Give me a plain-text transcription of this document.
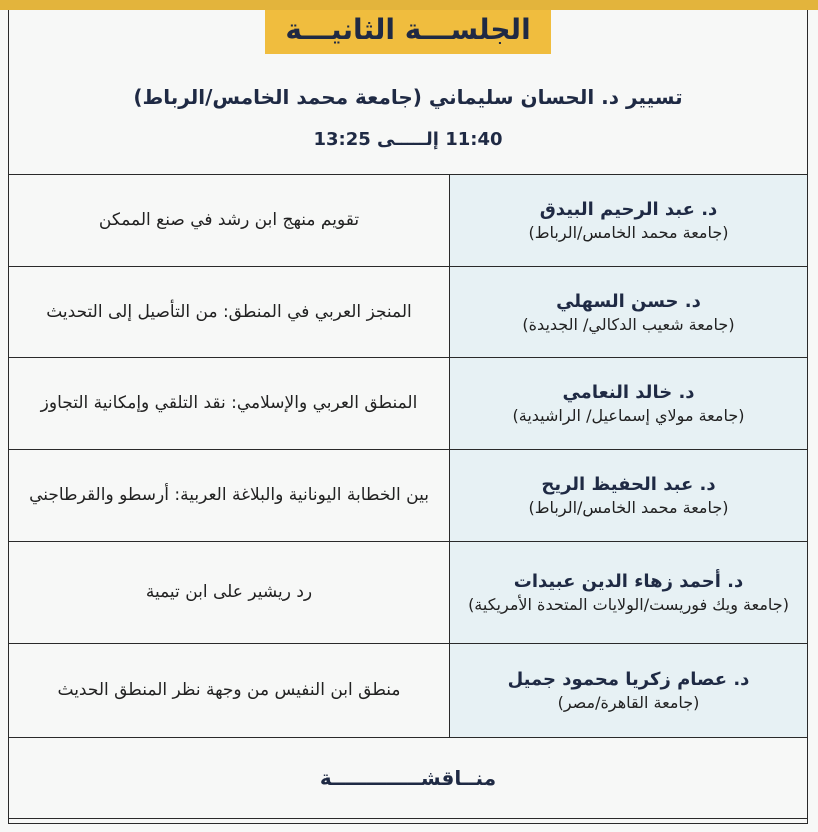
الجلســـة الثانيـــة
تسيير د. الحسان سليماني (جامعة محمد الخامس/الرباط)
11:40 إلـــــى 13:25
د. عبد الرحيم البيدق
(جامعة محمد الخامس/الرباط)	تقويم منهج ابن رشد في صنع الممكن

د. حسن السهلي
(جامعة شعيب الدكالي/ الجديدة)	المنجز العربي في المنطق: من التأصيل إلى التحديث

د. خالد النعامي
(جامعة مولاي إسماعيل/ الراشيدية)	المنطق العربي والإسلامي: نقد التلقي وإمكانية التجاوز

د. عبد الحفيظ الريح
(جامعة محمد الخامس/الرباط)	بين الخطابة اليونانية والبلاغة العربية: أرسطو والقرطاجني

د. أحمد زهاء الدين عبيدات
(جامعة ويك فوريست/الولايات المتحدة الأمريكية)	رد ريشير على ابن تيمية

د. عصام زكريا محمود جميل
(جامعة القاهرة/مصر)	منطق ابن النفيس من وجهة نظر المنطق الحديث
منــاقشـــــــــــــة	
